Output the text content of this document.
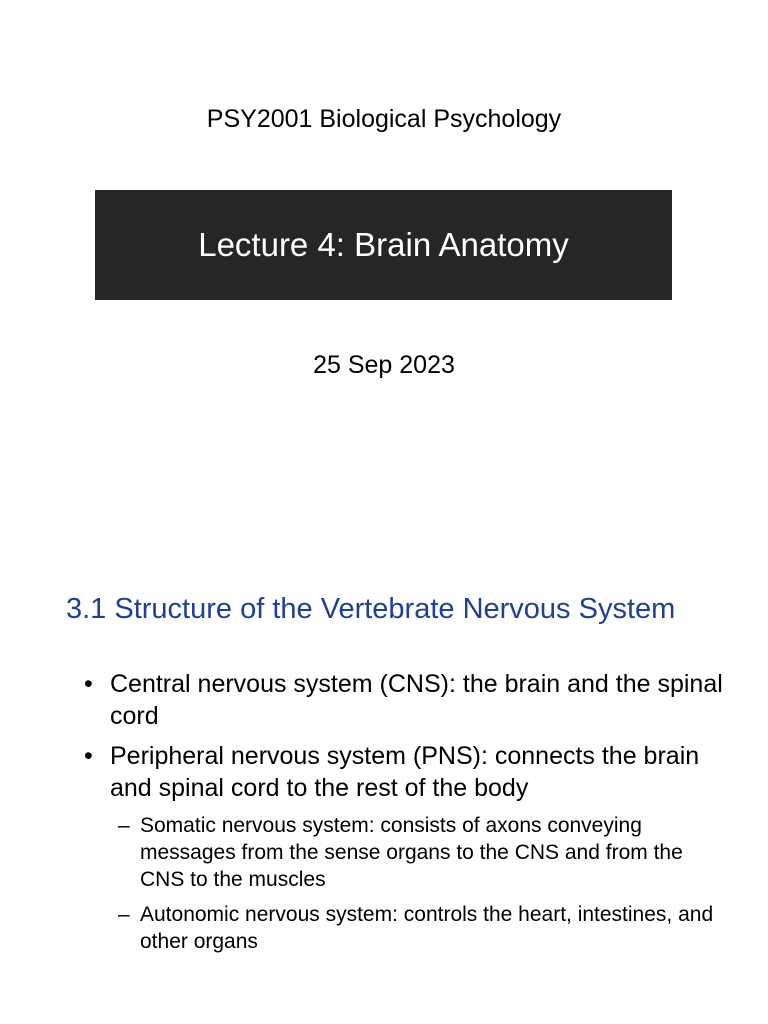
PSY2001 Biological Psychology
Lecture 4: Brain Anatomy
25 Sep 2023
3.1 Structure of the Vertebrate Nervous System
• Central nervous system (CNS): the brain and the spinal cord
• Peripheral nervous system (PNS): connects the brain and spinal cord to the rest of the body
– Somatic nervous system: consists of axons conveying messages from the sense organs to the CNS and from the CNS to the muscles
– Autonomic nervous system: controls the heart, intestines, and other organs
